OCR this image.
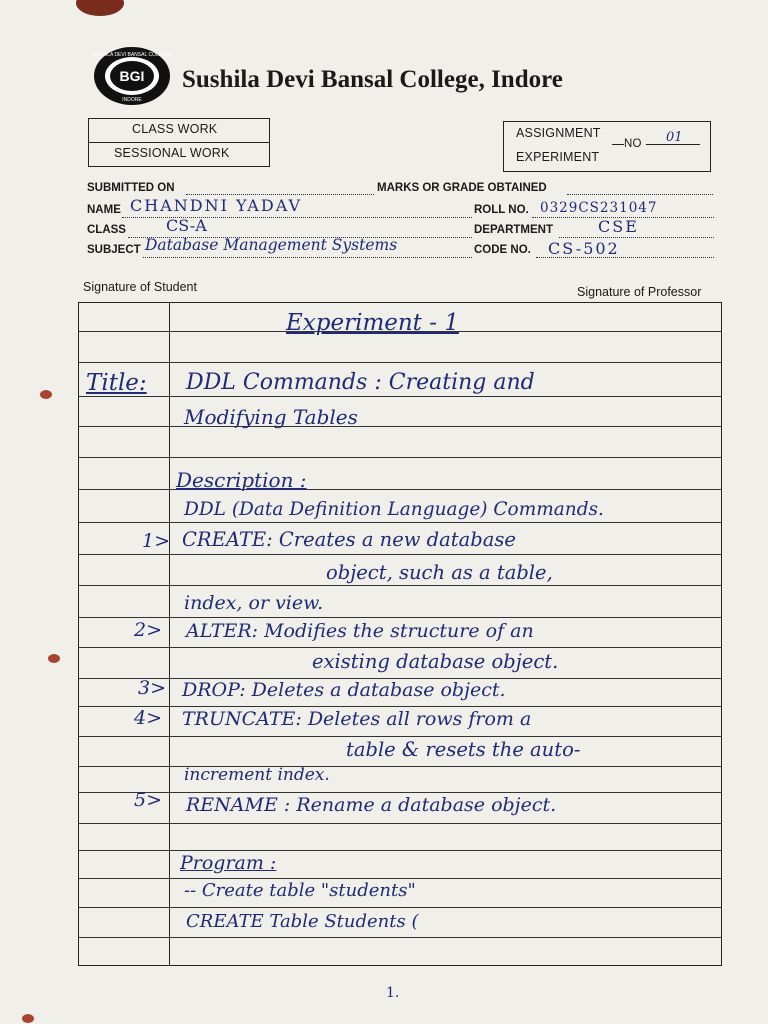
BGI
SUSHILA DEVI BANSAL COLLEGE
INDORE
Sushila Devi Bansal College, Indore
CLASS WORK
SESSIONAL WORK
ASSIGNMENT
EXPERIMENT
NO 01
SUBMITTED ON	MARKS OR GRADE OBTAINED
NAME CHANDNI YADAV	ROLL NO. 0329CS231047
CLASS	CS-A	DEPARTMENT	CSE
SUBJECT Database Management Systems	CODE NO. CS-502
Signature of Student	Signature of Professor
Experiment - 1
Title: DDL Commands : Creating and
Modifying Tables
Description :
DDL (Data Definition Language) Commands.
1> CREATE: Creates a new database
object, such as a table,
index, or view.
2> ALTER: Modifies the structure of an
existing database object.
3> DROP: Deletes a database object.
4> TRUNCATE: Deletes all rows from a
table & resets the auto-
increment index.
5> RENAME : Rename a database object.
Program :
-- Create table "students"
CREATE Table Students (
1.
